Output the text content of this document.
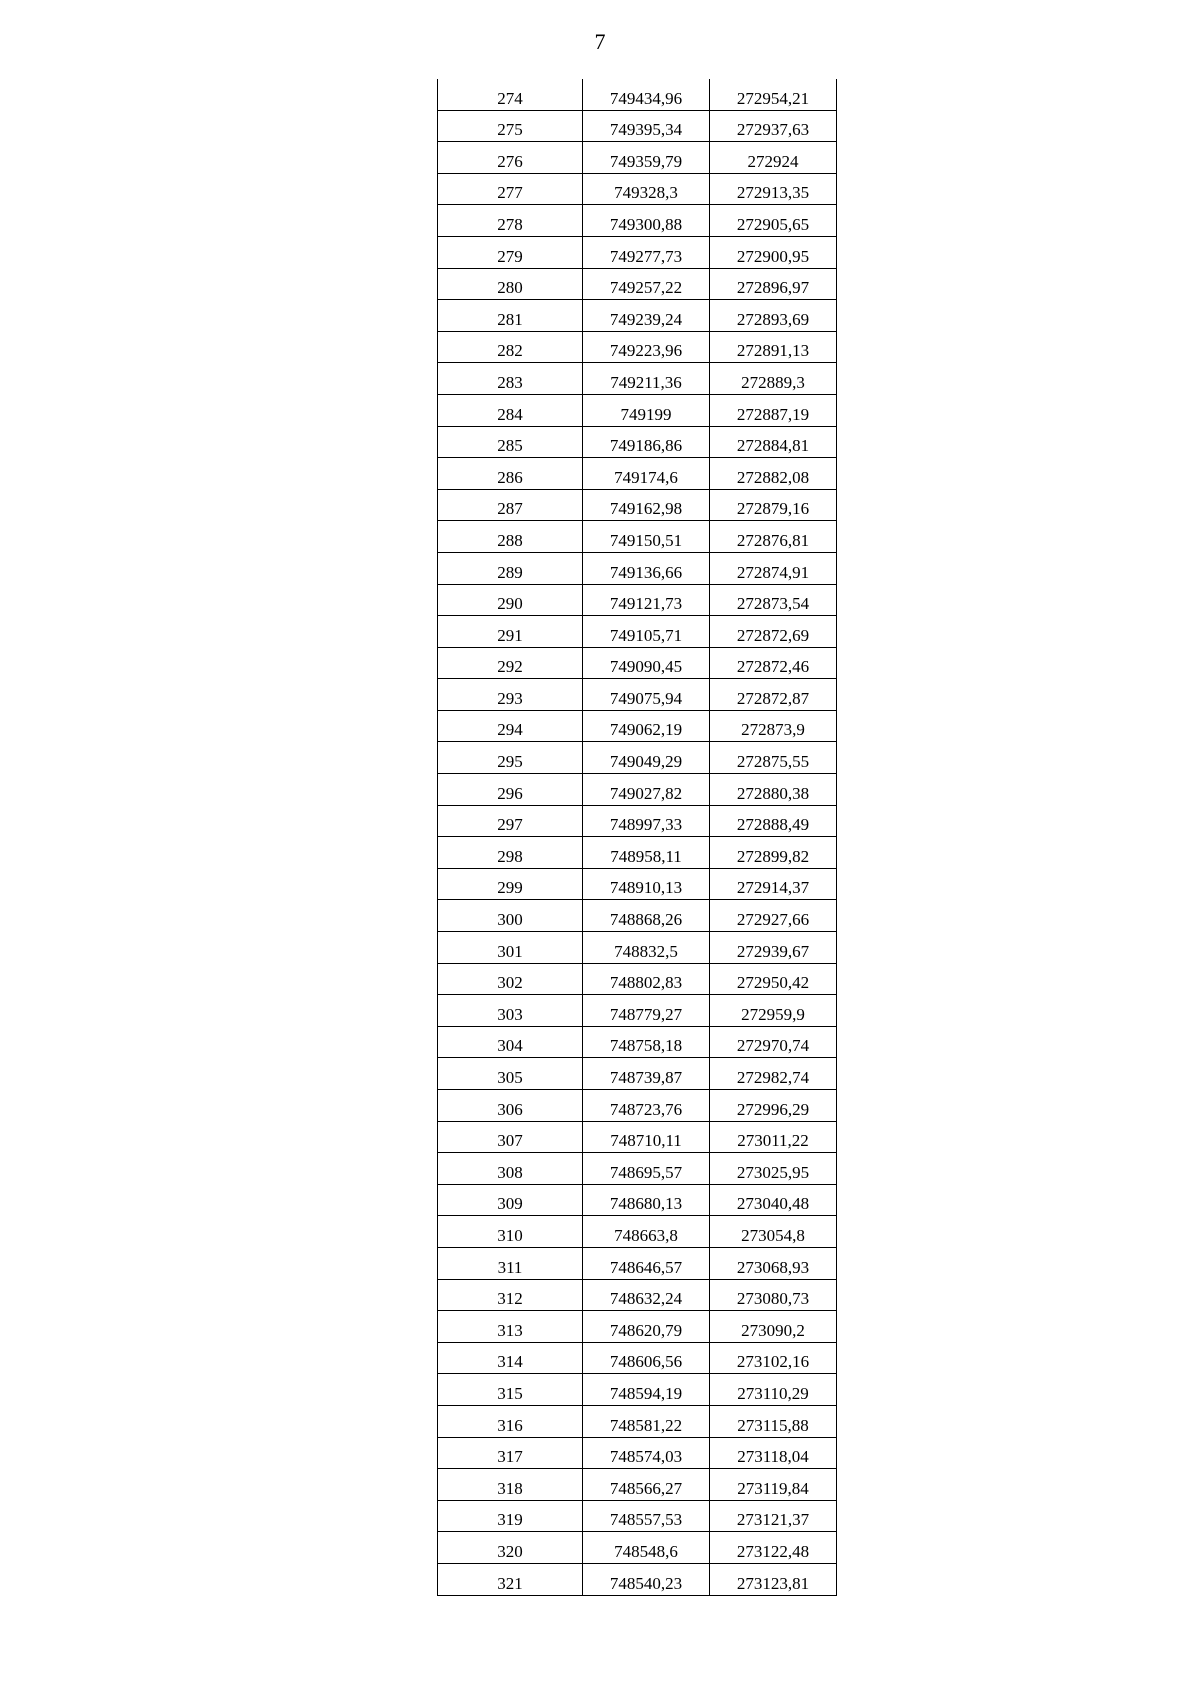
7
274	749434,96	272954,21
275	749395,34	272937,63
276	749359,79	272924
277	749328,3	272913,35
278	749300,88	272905,65
279	749277,73	272900,95
280	749257,22	272896,97
281	749239,24	272893,69
282	749223,96	272891,13
283	749211,36	272889,3
284	749199	272887,19
285	749186,86	272884,81
286	749174,6	272882,08
287	749162,98	272879,16
288	749150,51	272876,81
289	749136,66	272874,91
290	749121,73	272873,54
291	749105,71	272872,69
292	749090,45	272872,46
293	749075,94	272872,87
294	749062,19	272873,9
295	749049,29	272875,55
296	749027,82	272880,38
297	748997,33	272888,49
298	748958,11	272899,82
299	748910,13	272914,37
300	748868,26	272927,66
301	748832,5	272939,67
302	748802,83	272950,42
303	748779,27	272959,9
304	748758,18	272970,74
305	748739,87	272982,74
306	748723,76	272996,29
307	748710,11	273011,22
308	748695,57	273025,95
309	748680,13	273040,48
310	748663,8	273054,8
311	748646,57	273068,93
312	748632,24	273080,73
313	748620,79	273090,2
314	748606,56	273102,16
315	748594,19	273110,29
316	748581,22	273115,88
317	748574,03	273118,04
318	748566,27	273119,84
319	748557,53	273121,37
320	748548,6	273122,48
321	748540,23	273123,81
